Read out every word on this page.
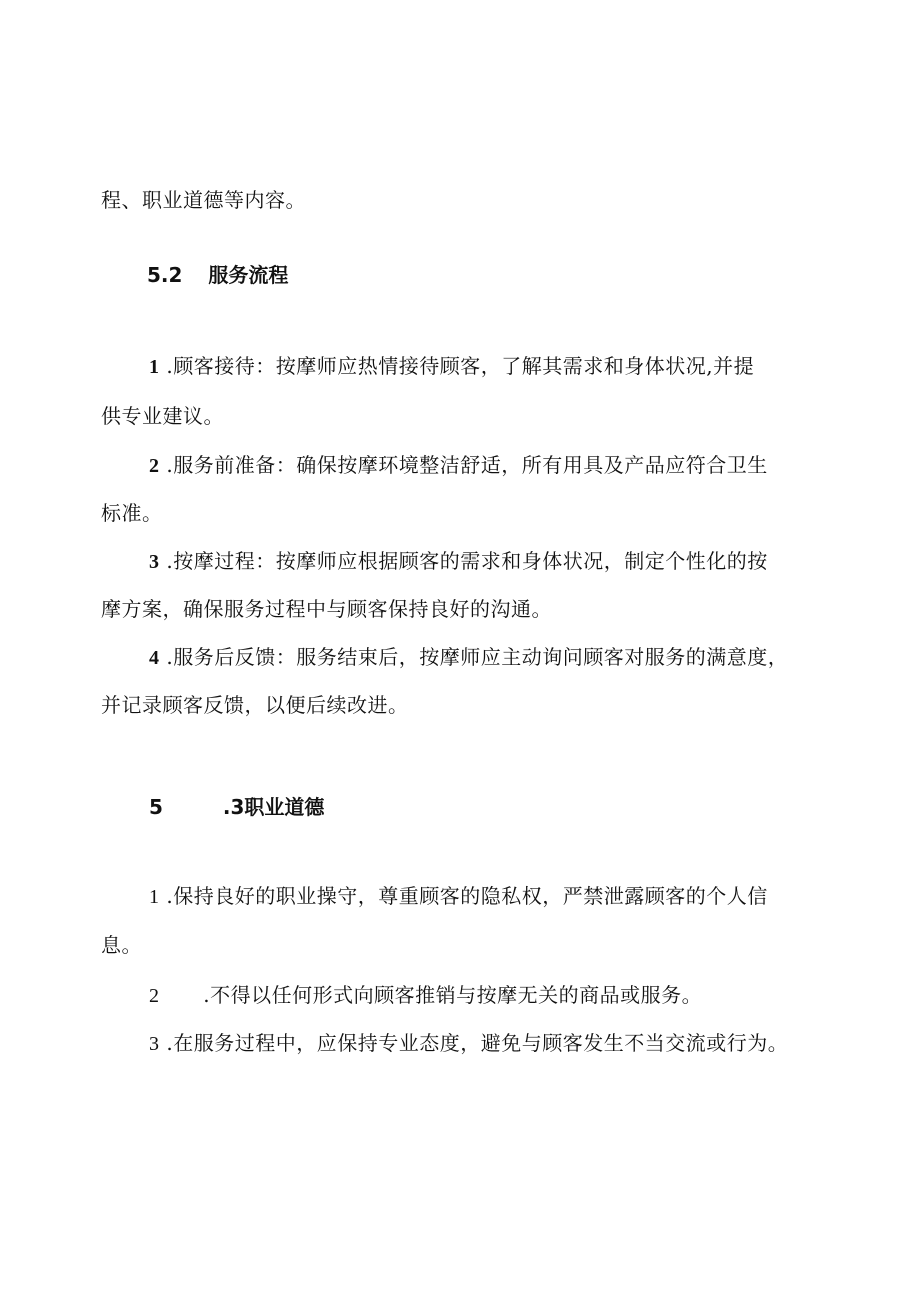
程、职业道德等内容。
5.2 服务流程
1 .顾客接待：按摩师应热情接待顾客，了解其需求和身体状况,并提
供专业建议。
2 .服务前准备：确保按摩环境整洁舒适，所有用具及产品应符合卫生
标准。
3 .按摩过程：按摩师应根据顾客的需求和身体状况，制定个性化的按
摩方案，确保服务过程中与顾客保持良好的沟通。
4 .服务后反馈：服务结束后，按摩师应主动询问顾客对服务的满意度，
并记录顾客反馈，以便后续改进。
5	.3职业道德
1 .保持良好的职业操守，尊重顾客的隐私权，严禁泄露顾客的个人信
息。
2 .不得以任何形式向顾客推销与按摩无关的商品或服务。
3 .在服务过程中，应保持专业态度，避免与顾客发生不当交流或行为。
